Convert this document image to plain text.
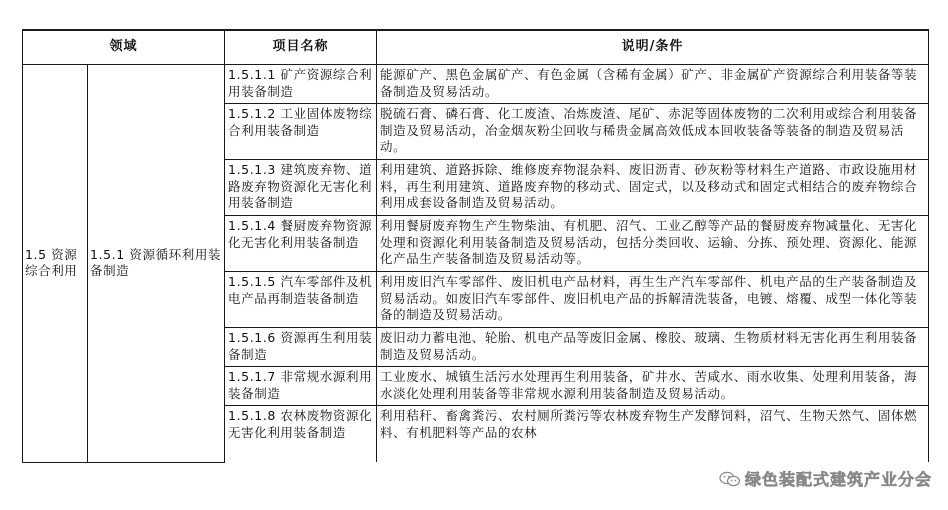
领域		项目名称	说明/条件
1.5 资源综合利用	1.5.1 资源循环利用装备制造	1.5.1.1 矿产资源综合利用装备制造	能源矿产、黑色金属矿产、有色金属（含稀有金属）矿产、非金属矿产资源综合利用装备等装备制造及贸易活动。
		1.5.1.2 工业固体废物综合利用装备制造	脱硫石膏、磷石膏、化工废渣、冶炼废渣、尾矿、赤泥等固体废物的二次利用或综合利用装备制造及贸易活动，冶金烟灰粉尘回收与稀贵金属高效低成本回收装备等装备的制造及贸易活动。
		1.5.1.3 建筑废弃物、道路废弃物资源化无害化利用装备制造	利用建筑、道路拆除、维修废弃物混杂料、废旧沥青、砂灰粉等材料生产道路、市政设施用材料，再生利用建筑、道路废弃物的移动式、固定式，以及移动式和固定式相结合的废弃物综合利用成套设备制造及贸易活动。
		1.5.1.4 餐厨废弃物资源化无害化利用装备制造	利用餐厨废弃物生产生物柴油、有机肥、沼气、工业乙醇等产品的餐厨废弃物减量化、无害化处理和资源化利用装备制造及贸易活动，包括分类回收、运输、分拣、预处理、资源化、能源化产品生产装备制造及贸易活动等。
		1.5.1.5 汽车零部件及机电产品再制造装备制造	利用废旧汽车零部件、废旧机电产品材料，再生生产汽车零部件、机电产品的生产装备制造及贸易活动。如废旧汽车零部件、废旧机电产品的拆解清洗装备，电镀、熔覆、成型一体化等装备的制造及贸易活动。
		1.5.1.6 资源再生利用装备制造	废旧动力蓄电池、轮胎、机电产品等废旧金属、橡胶、玻璃、生物质材料无害化再生利用装备制造及贸易活动。
		1.5.1.7 非常规水源利用装备制造	工业废水、城镇生活污水处理再生利用装备，矿井水、苦咸水、雨水收集、处理利用装备，海水淡化处理利用装备等非常规水源利用装备制造及贸易活动。
		1.5.1.8 农林废物资源化无害化利用装备制造	利用秸秆、畜禽粪污、农村厕所粪污等农林废弃物生产发酵饲料，沼气、生物天然气、固体燃料、有机肥料等产品的农林
绿色装配式建筑产业分会
